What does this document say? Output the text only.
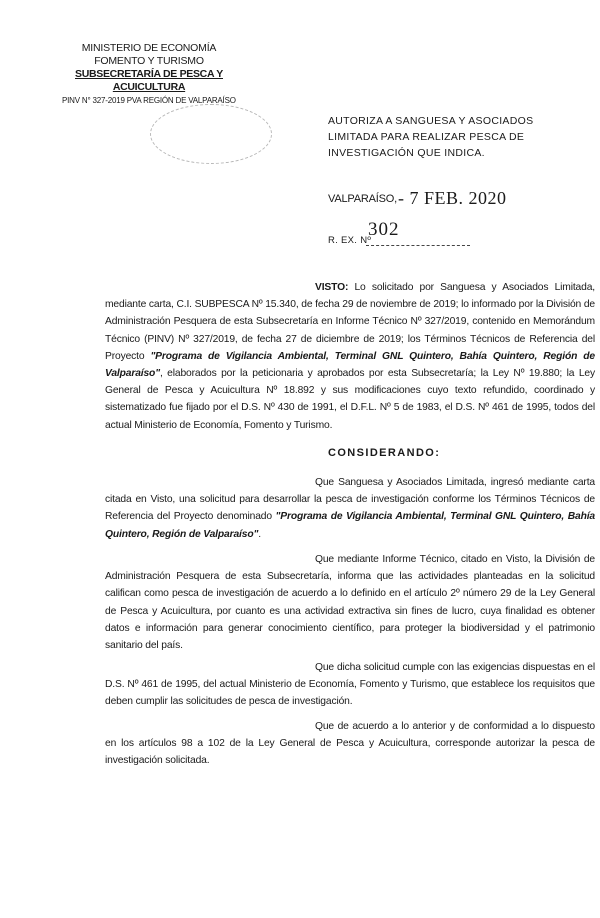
MINISTERIO DE ECONOMÍA
FOMENTO Y TURISMO
SUBSECRETARÍA DE PESCA Y ACUICULTURA
PINV N° 327-2019 PVA REGIÓN DE VALPARAÍSO
AUTORIZA A SANGUESA Y ASOCIADOS LIMITADA PARA REALIZAR PESCA DE INVESTIGACIÓN QUE INDICA.
VALPARAÍSO, - 7 FEB. 2020
302
R. EX. Nº

VISTO: Lo solicitado por Sanguesa y Asociados Limitada, mediante carta, C.I. SUBPESCA Nº 15.340, de fecha 29 de noviembre de 2019; lo informado por la División de Administración Pesquera de esta Subsecretaría en Informe Técnico Nº 327/2019, contenido en Memorándum Técnico (PINV) Nº 327/2019, de fecha 27 de diciembre de 2019; los Términos Técnicos de Referencia del Proyecto "Programa de Vigilancia Ambiental, Terminal GNL Quintero, Bahía Quintero, Región de Valparaíso", elaborados por la peticionaria y aprobados por esta Subsecretaría; la Ley Nº 19.880; la Ley General de Pesca y Acuicultura Nº 18.892 y sus modificaciones cuyo texto refundido, coordinado y sistematizado fue fijado por el D.S. Nº 430 de 1991, el D.F.L. Nº 5 de 1983, el D.S. Nº 461 de 1995, todos del actual Ministerio de Economía, Fomento y Turismo.

CONSIDERANDO:

Que Sanguesa y Asociados Limitada, ingresó mediante carta citada en Visto, una solicitud para desarrollar la pesca de investigación conforme los Términos Técnicos de Referencia del Proyecto denominado "Programa de Vigilancia Ambiental, Terminal GNL Quintero, Bahía Quintero, Región de Valparaíso".

Que mediante Informe Técnico, citado en Visto, la División de Administración Pesquera de esta Subsecretaría, informa que las actividades planteadas en la solicitud califican como pesca de investigación de acuerdo a lo definido en el artículo 2º número 29 de la Ley General de Pesca y Acuicultura, por cuanto es una actividad extractiva sin fines de lucro, cuya finalidad es obtener datos e información para generar conocimiento científico, para proteger la biodiversidad y el patrimonio sanitario del país.

Que dicha solicitud cumple con las exigencias dispuestas en el D.S. Nº 461 de 1995, del actual Ministerio de Economía, Fomento y Turismo, que establece los requisitos que deben cumplir las solicitudes de pesca de investigación.

Que de acuerdo a lo anterior y de conformidad a lo dispuesto en los artículos 98 a 102 de la Ley General de Pesca y Acuicultura, corresponde autorizar la pesca de investigación solicitada.
